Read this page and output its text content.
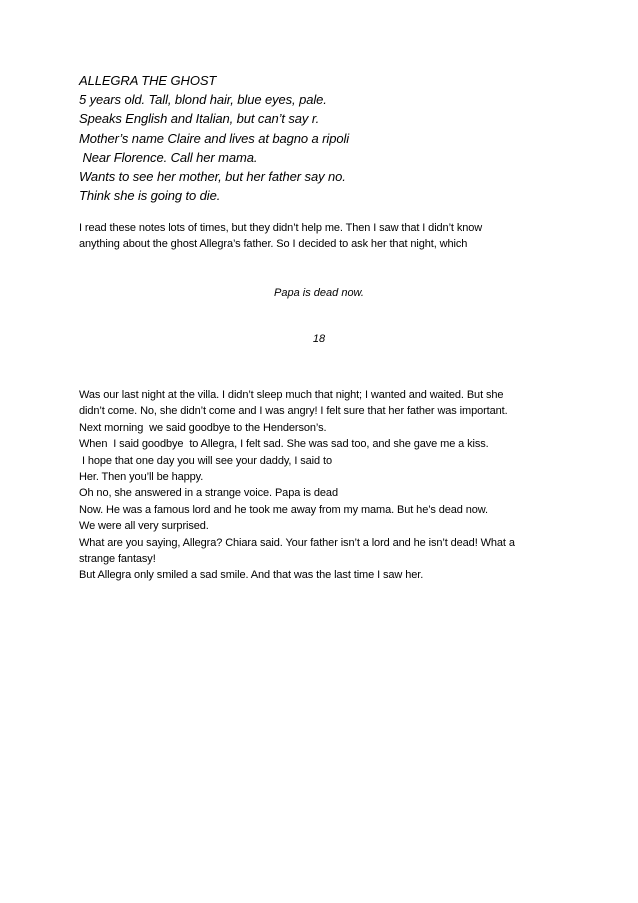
ALLEGRA THE GHOST
5 years old. Tall, blond hair, blue eyes, pale.
Speaks English and Italian, but can’t say r.
Mother’s name Claire and lives at bagno a ripoli
Near Florence. Call her mama.
Wants to see her mother, but her father say no.
Think she is going to die.
I read these notes lots of times, but they didn’t help me. Then I saw that I didn’t know
anything about the ghost Allegra’s father. So I decided to ask her that night, which
Papa is dead now.
18
Was our last night at the villa. I didn’t sleep much that night; I wanted and waited. But she
didn’t come. No, she didn’t come and I was angry! I felt sure that her father was important.
Next morning  we said goodbye to the Henderson’s.
When  I said goodbye  to Allegra, I felt sad. She was sad too, and she gave me a kiss.
I hope that one day you will see your daddy, I said to
Her. Then you’ll be happy.
Oh no, she answered in a strange voice. Papa is dead
Now. He was a famous lord and he took me away from my mama. But he’s dead now.
We were all very surprised.
What are you saying, Allegra? Chiara said. Your father isn’t a lord and he isn’t dead! What a
strange fantasy!
But Allegra only smiled a sad smile. And that was the last time I saw her.
